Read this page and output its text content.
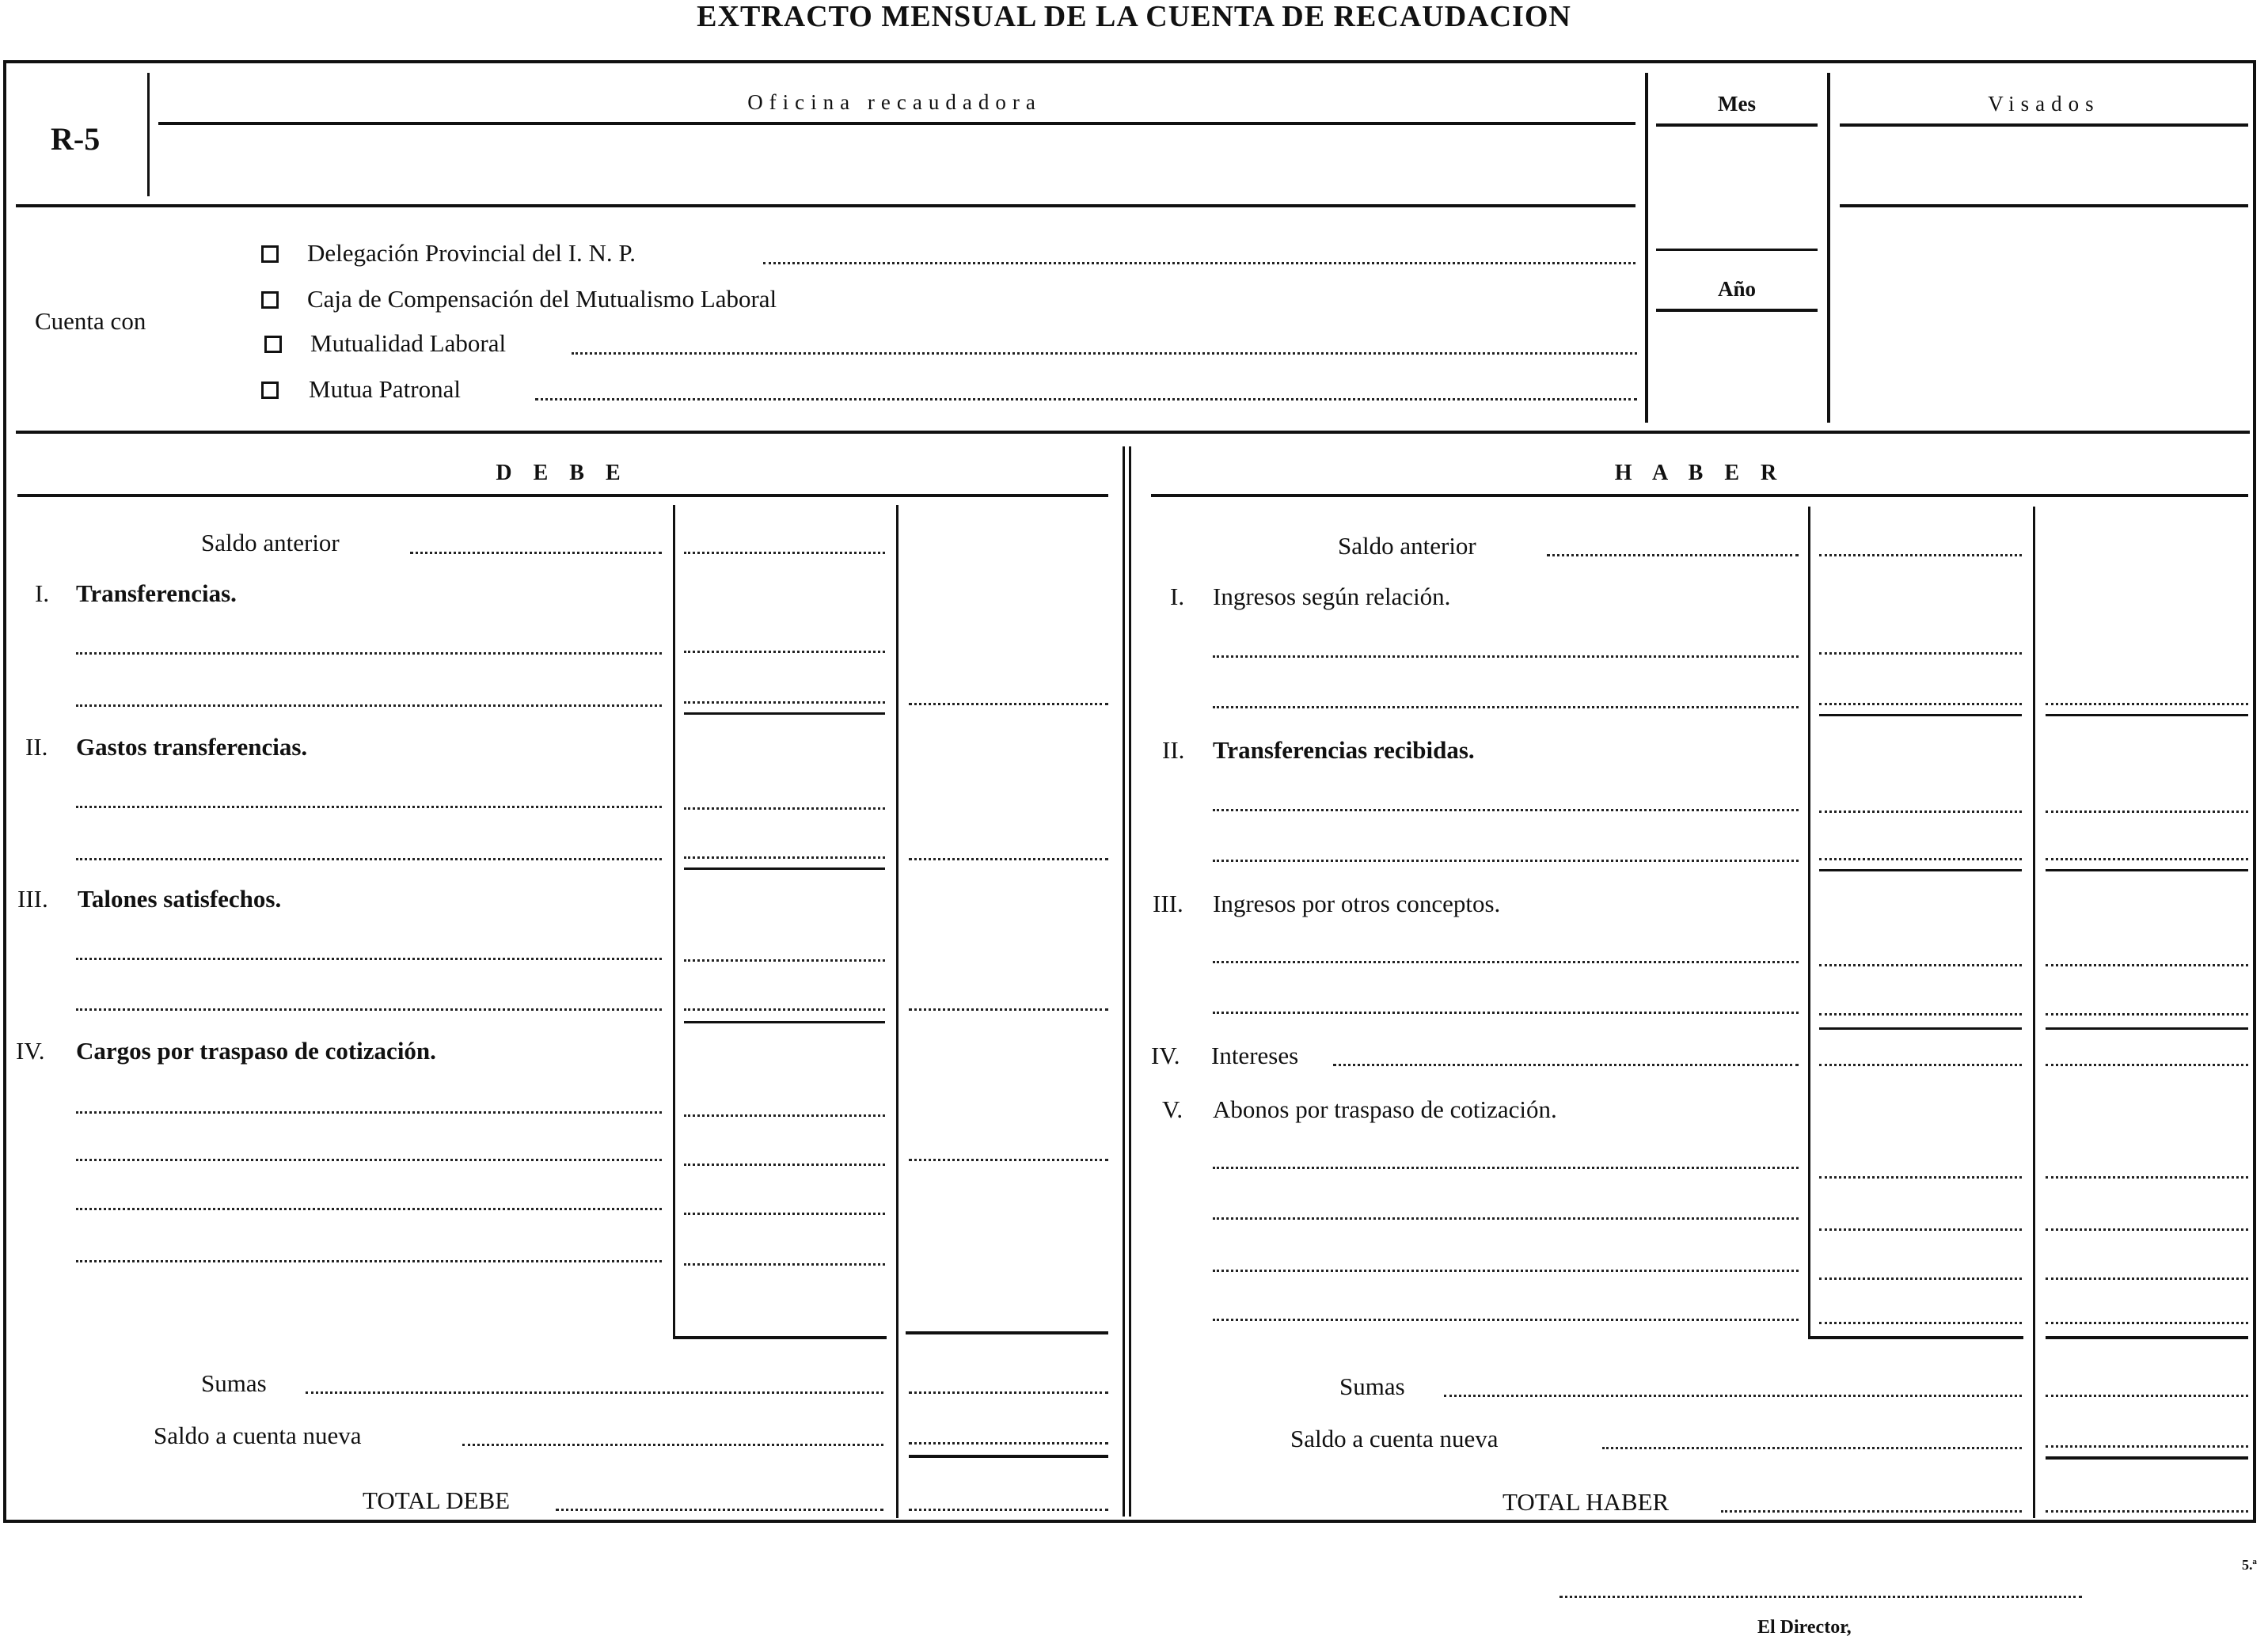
EXTRACTO MENSUAL DE LA CUENTA DE RECAUDACION
R-5
Oficina recaudadora	Mes
Año
Visados
Cuenta con
Delegación Provincial del I. N. P.
Caja de Compensación del Mutualismo Laboral
Mutualidad Laboral
Mutua Patronal
D E B E
Saldo anterior
I. Transferencias.
II. Gastos transferencias.
III. Talones satisfechos.
IV. Cargos por traspaso de cotización.
Sumas
Saldo a cuenta nueva
TOTAL DEBE
H A B E R
Saldo anterior
I. Ingresos según relación.
II. Transferencias recibidas.
III. Ingresos por otros conceptos.
IV. Intereses
V. Abonos por traspaso de cotización.
Sumas
Saldo a cuenta nueva
TOTAL HABER
5.ª
El Director,
